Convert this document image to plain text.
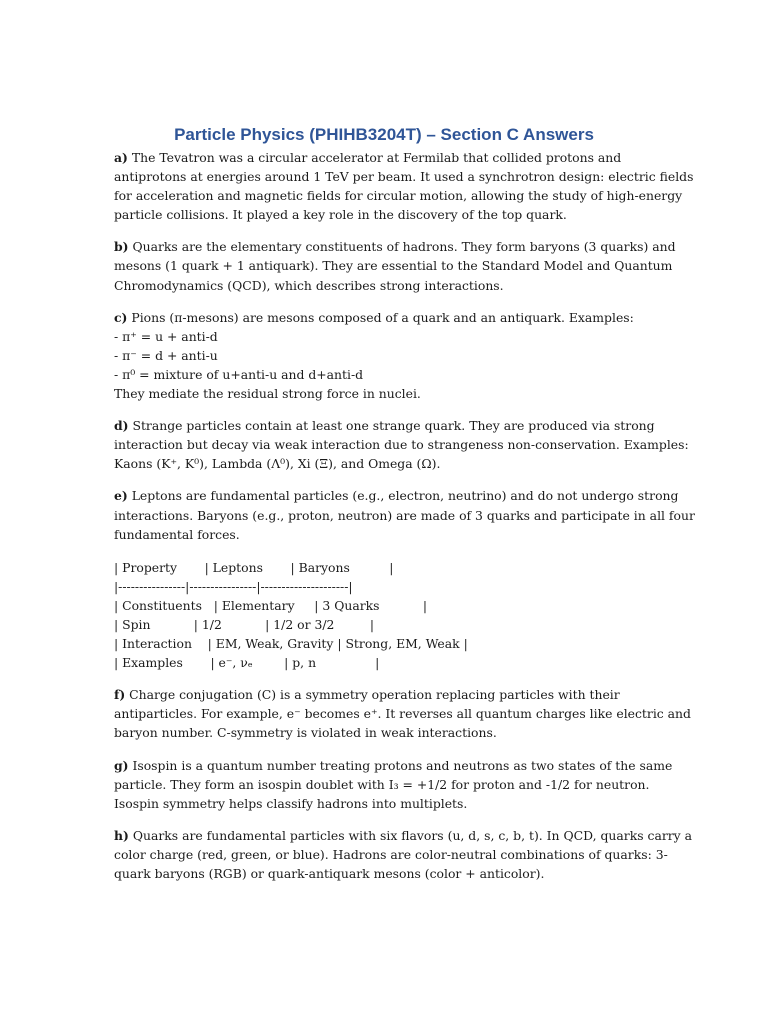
Particle Physics (PHIHB3204T) – Section C Answers

a) The Tevatron was a circular accelerator at Fermilab that collided protons and
antiprotons at energies around 1 TeV per beam. It used a synchrotron design: electric fields
for acceleration and magnetic fields for circular motion, allowing the study of high-energy
particle collisions. It played a key role in the discovery of the top quark.

b) Quarks are the elementary constituents of hadrons. They form baryons (3 quarks) and
mesons (1 quark + 1 antiquark). They are essential to the Standard Model and Quantum
Chromodynamics (QCD), which describes strong interactions.

c) Pions (π-mesons) are mesons composed of a quark and an antiquark. Examples:
- π⁺ = u + anti-d
- π⁻ = d + anti-u
- π⁰ = mixture of u+anti-u and d+anti-d
They mediate the residual strong force in nuclei.

d) Strange particles contain at least one strange quark. They are produced via strong
interaction but decay via weak interaction due to strangeness non-conservation. Examples:
Kaons (K⁺, K⁰), Lambda (Λ⁰), Xi (Ξ), and Omega (Ω).

e) Leptons are fundamental particles (e.g., electron, neutrino) and do not undergo strong
interactions. Baryons (e.g., proton, neutron) are made of 3 quarks and participate in all four
fundamental forces.

| Property       | Leptons       | Baryons          |
|----------------|----------------|---------------------|
| Constituents   | Elementary     | 3 Quarks           |
| Spin           | 1/2           | 1/2 or 3/2         |
| Interaction    | EM, Weak, Gravity | Strong, EM, Weak |
| Examples       | e⁻, νₑ        | p, n               |

f) Charge conjugation (C) is a symmetry operation replacing particles with their
antiparticles. For example, e⁻ becomes e⁺. It reverses all quantum charges like electric and
baryon number. C-symmetry is violated in weak interactions.

g) Isospin is a quantum number treating protons and neutrons as two states of the same
particle. They form an isospin doublet with I₃ = +1/2 for proton and -1/2 for neutron.
Isospin symmetry helps classify hadrons into multiplets.

h) Quarks are fundamental particles with six flavors (u, d, s, c, b, t). In QCD, quarks carry a
color charge (red, green, or blue). Hadrons are color-neutral combinations of quarks: 3-
quark baryons (RGB) or quark-antiquark mesons (color + anticolor).
